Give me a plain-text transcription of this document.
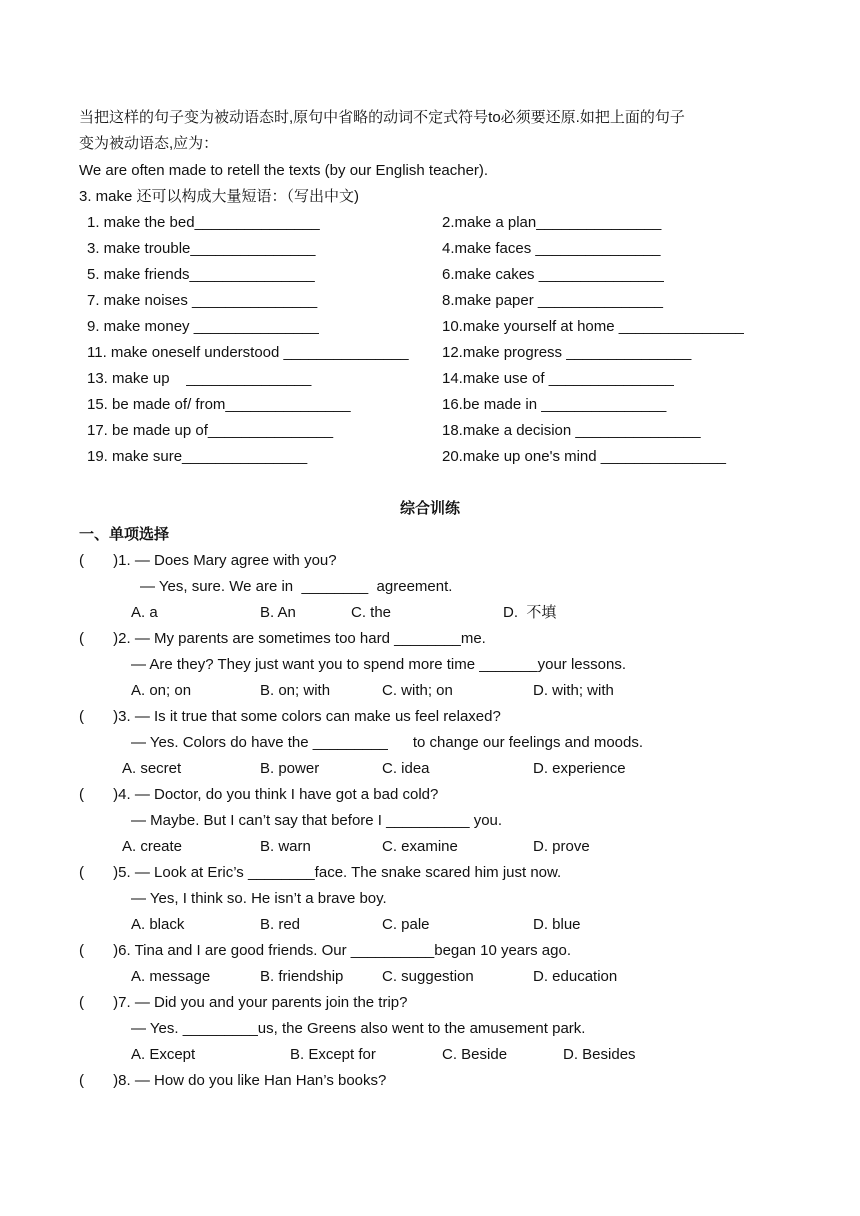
当把这样的句子变为被动语态时,原句中省略的动词不定式符号to必须要还原.如把上面的句子
变为被动语态,应为：
We are often made to retell the texts (by our English teacher).
3. make 还可以构成大量短语：（写出中文)
1. make the bed_______________	2.make a plan_______________
3. make trouble_______________	4.make faces _______________
5. make friends_______________	6.make cakes _______________
7. make noises _______________	8.make paper _______________
9. make money _______________	10.make yourself at home _______________
11. make oneself understood _______________ 12.make progress _______________
13. make up    _______________	14.make use of _______________
15. be made of/ from_______________	16.be made in _______________
17. be made up of_______________	18.make a decision _______________
19. make sure_______________	20.make up one's mind _______________
综合训练
一、单项选择
(       )1. — Does Mary agree with you?
— Yes, sure. We are in  ________  agreement.
A. a	B. An	C. the	D.  不填
(       )2. — My parents are sometimes too hard ________me.
— Are they? They just want you to spend more time _______your lessons.
A. on; on	B. on; with	C. with; on	D. with; with
(       )3. — Is it true that some colors can make us feel relaxed?
— Yes. Colors do have the _________      to change our feelings and moods.
A. secret	B. power	C. idea	D. experience
(       )4. — Doctor, do you think I have got a bad cold?
— Maybe. But I can’t say that before I __________ you.
A. create	B. warn	C. examine	D. prove
(       )5. — Look at Eric’s ________face. The snake scared him just now.
— Yes, I think so. He isn’t a brave boy.
A. black	B. red	C. pale	D. blue
(       )6. Tina and I are good friends. Our __________began 10 years ago.
A. message	B. friendship	C. suggestion	D. education
(       )7. — Did you and your parents join the trip?
— Yes. _________us, the Greens also went to the amusement park.
A. Except	B. Except for	C. Beside	D. Besides
(       )8. — How do you like Han Han’s books?
